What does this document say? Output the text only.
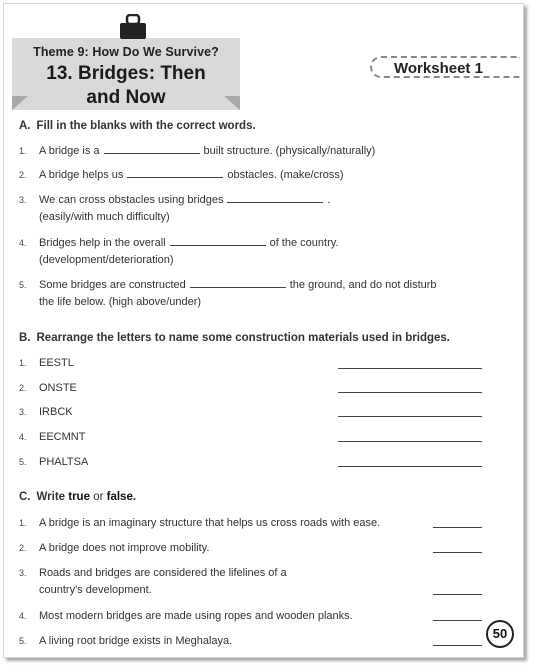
Theme 9: How Do We Survive?
13. Bridges: Then
and Now
Worksheet 1
A. Fill in the blanks with the correct words.
1. A bridge is a	built structure. (physically/naturally)
2. A bridge helps us	obstacles. (make/cross)
3. We can cross obstacles using bridges	.
(easily/with much difficulty)
4. Bridges help in the overall	of the country.
(development/deterioration)
5. Some bridges are constructed	the ground, and do not disturb
the life below. (high above/under)
B. Rearrange the letters to name some construction materials used in bridges.
1. EESTL
2. ONSTE
3. IRBCK
4. EECMNT
5. PHALTSA
C. Write true or false.
1. A bridge is an imaginary structure that helps us cross roads with ease.
2. A bridge does not improve mobility.
3. Roads and bridges are considered the lifelines of a
country's development.
4. Most modern bridges are made using ropes and wooden planks.
5. A living root bridge exists in Meghalaya.	50
